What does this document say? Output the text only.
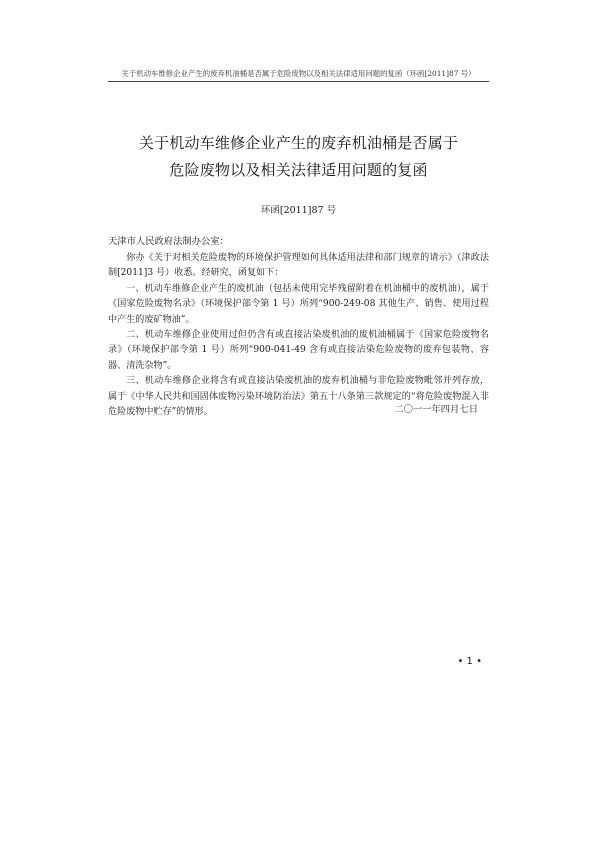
关于机动车维修企业产生的废弃机油桶是否属于危险废物以及相关法律适用问题的复函（环函[2011]87 号）
关于机动车维修企业产生的废弃机油桶是否属于
危险废物以及相关法律适用问题的复函
环函[2011]87 号
天津市人民政府法制办公室：

你办《关于对相关危险废物的环境保护管理如何具体适用法律和部门规章的请示》（津政法制[2011]3 号）收悉。经研究，函复如下：

一、机动车维修企业产生的废机油（包括未使用完毕残留附着在机油桶中的废机油），属于《国家危险废物名录》（环境保护部令第 1 号）所列“900-249-08 其他生产、销售、使用过程中产生的废矿物油”。

二、机动车维修企业使用过但仍含有或直接沾染废机油的废机油桶属于《国家危险废物名录》（环境保护部令第 1 号）所列“900-041-49 含有或直接沾染危险废物的废弃包装物、容器、清洗杂物”。

三、机动车维修企业将含有或直接沾染废机油的废弃机油桶与非危险废物毗邻并列存放，属于《中华人民共和国固体废物污染环境防治法》第五十八条第三款规定的“将危险废物混入非危险废物中贮存”的情形。	二〇一一年四月七日
• 1 •
